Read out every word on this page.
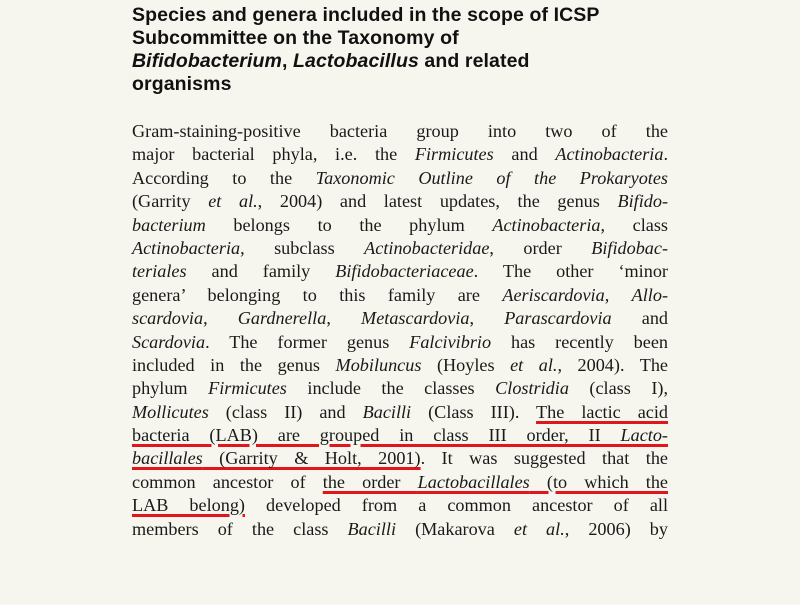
Species and genera included in the scope of ICSP
Subcommittee on the Taxonomy of
Bifidobacterium, Lactobacillus and related
organisms
Gram-staining-positive bacteria group into two of the
major bacterial phyla, i.e. the Firmicutes and Actinobacteria.
According to the Taxonomic Outline of the Prokaryotes
(Garrity et al., 2004) and latest updates, the genus Bifido-
bacterium belongs to the phylum Actinobacteria, class
Actinobacteria, subclass Actinobacteridae, order Bifidobac-
teriales and family Bifidobacteriaceae. The other ‘minor
genera’ belonging to this family are Aeriscardovia, Allo-
scardovia, Gardnerella, Metascardovia, Parascardovia and
Scardovia. The former genus Falcivibrio has recently been
included in the genus Mobiluncus (Hoyles et al., 2004). The
phylum Firmicutes include the classes Clostridia (class I),
Mollicutes (class II) and Bacilli (Class III). The lactic acid
bacteria (LAB) are grouped in class III order, II Lacto-
bacillales (Garrity & Holt, 2001). It was suggested that the
common ancestor of the order Lactobacillales (to which the
LAB belong) developed from a common ancestor of all
members of the class Bacilli (Makarova et al., 2006) by
